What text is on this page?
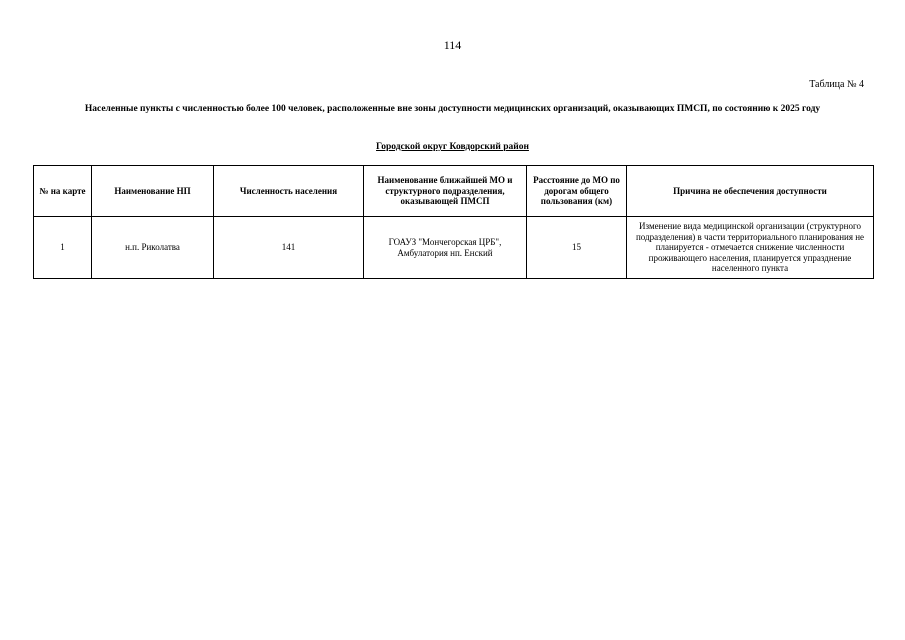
114
Таблица № 4
Населенные пункты с численностью более 100 человек, расположенные вне зоны доступности медицинских организаций, оказывающих ПМСП, по состоянию к 2025 году
Городской округ Ковдорский район
№ на карте	Наименование НП	Численность населения	Наименование ближайшей МО и структурного подразделения, оказывающей ПМСП	Расстояние до МО по дорогам общего пользования (км)	Причина не обеспечения доступности
1	н.п. Риколатва	141	ГОАУЗ "Мончегорская ЦРБ", Амбулатория нп. Енский	15	Изменение вида медицинской организации (структурного подразделения) в части территориального планирования не планируется - отмечается снижение численности проживающего населения, планируется упразднение населенного пункта
